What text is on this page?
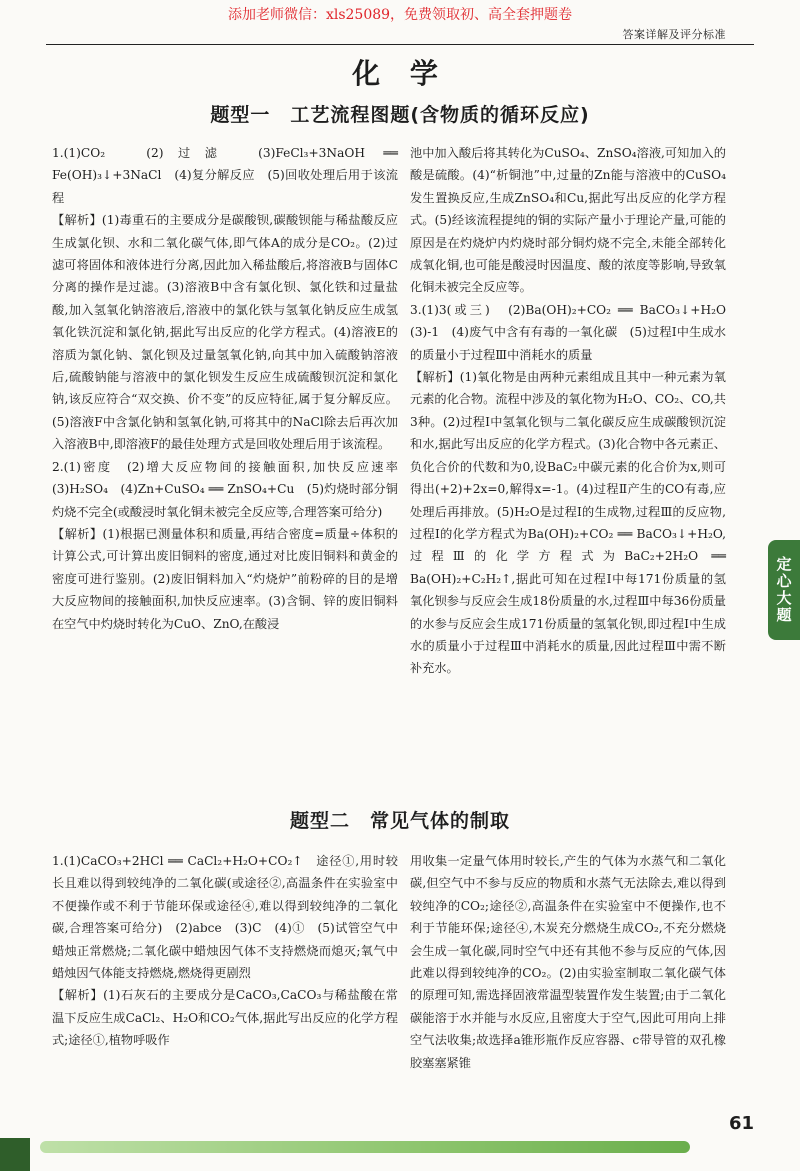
添加老师微信：xls25089，免费领取初、高全套押题卷
答案详解及评分标准
化 学
题型一　工艺流程图题(含物质的循环反应)

1.(1)CO₂　(2)过滤　(3)FeCl₃+3NaOH ══ Fe(OH)₃↓+3NaCl　(4)复分解反应　(5)回收处理后用于该流程

【解析】(1)毒重石的主要成分是碳酸钡,碳酸钡能与稀盐酸反应生成氯化钡、水和二氧化碳气体,即气体A的成分是CO₂。(2)过滤可将固体和液体进行分离,因此加入稀盐酸后,将溶液B与固体C分离的操作是过滤。(3)溶液B中含有氯化钡、氯化铁和过量盐酸,加入氢氧化钠溶液后,溶液中的氯化铁与氢氧化钠反应生成氢氧化铁沉淀和氯化钠,据此写出反应的化学方程式。(4)溶液E的溶质为氯化钠、氯化钡及过量氢氧化钠,向其中加入硫酸钠溶液后,硫酸钠能与溶液中的氯化钡发生反应生成硫酸钡沉淀和氯化钠,该反应符合“双交换、价不变”的反应特征,属于复分解反应。(5)溶液F中含氯化钠和氢氧化钠,可将其中的NaCl除去后再次加入溶液B中,即溶液F的最佳处理方式是回收处理后用于该流程。

2.(1)密度　(2)增大反应物间的接触面积,加快反应速率　(3)H₂SO₄　(4)Zn+CuSO₄ ══ ZnSO₄+Cu　(5)灼烧时部分铜灼烧不完全(或酸浸时氧化铜未被完全反应等,合理答案可给分)

【解析】(1)根据已测量体积和质量,再结合密度=质量÷体积的计算公式,可计算出废旧铜料的密度,通过对比废旧铜料和黄金的密度可进行鉴别。(2)废旧铜料加入“灼烧炉”前粉碎的目的是增大反应物间的接触面积,加快反应速率。(3)含铜、锌的废旧铜料在空气中灼烧时转化为CuO、ZnO,在酸浸

池中加入酸后将其转化为CuSO₄、ZnSO₄溶液,可知加入的酸是硫酸。(4)“析铜池”中,过量的Zn能与溶液中的CuSO₄发生置换反应,生成ZnSO₄和Cu,据此写出反应的化学方程式。(5)经该流程提纯的铜的实际产量小于理论产量,可能的原因是在灼烧炉内灼烧时部分铜灼烧不完全,未能全部转化成氧化铜,也可能是酸浸时因温度、酸的浓度等影响,导致氧化铜未被完全反应等。

3.(1)3(或三)　(2)Ba(OH)₂+CO₂ ══ BaCO₃↓+H₂O　(3)-1　(4)废气中含有有毒的一氧化碳　(5)过程Ⅰ中生成水的质量小于过程Ⅲ中消耗水的质量

【解析】(1)氧化物是由两种元素组成且其中一种元素为氧元素的化合物。流程中涉及的氧化物为H₂O、CO₂、CO,共3种。(2)过程Ⅰ中氢氧化钡与二氧化碳反应生成碳酸钡沉淀和水,据此写出反应的化学方程式。(3)化合物中各元素正、负化合价的代数和为0,设BaC₂中碳元素的化合价为x,则可得出(+2)+2x=0,解得x=-1。(4)过程Ⅱ产生的CO有毒,应处理后再排放。(5)H₂O是过程Ⅰ的生成物,过程Ⅲ的反应物,过程Ⅰ的化学方程式为Ba(OH)₂+CO₂ ══ BaCO₃↓+H₂O,过程Ⅲ的化学方程式为BaC₂+2H₂O ══ Ba(OH)₂+C₂H₂↑,据此可知在过程Ⅰ中每171份质量的氢氧化钡参与反应会生成18份质量的水,过程Ⅲ中每36份质量的水参与反应会生成171份质量的氢氧化钡,即过程Ⅰ中生成水的质量小于过程Ⅲ中消耗水的质量,因此过程Ⅲ中需不断补充水。

题型二　常见气体的制取

1.(1)CaCO₃+2HCl ══ CaCl₂+H₂O+CO₂↑　途径①,用时较长且难以得到较纯净的二氧化碳(或途径②,高温条件在实验室中不便操作或不利于节能环保或途径④,难以得到较纯净的二氧化碳,合理答案可给分)　(2)abce　(3)C　(4)①　(5)试管空气中蜡烛正常燃烧;二氧化碳中蜡烛因气体不支持燃烧而熄灭;氧气中蜡烛因气体能支持燃烧,燃烧得更剧烈

【解析】(1)石灰石的主要成分是CaCO₃,CaCO₃与稀盐酸在常温下反应生成CaCl₂、H₂O和CO₂气体,据此写出反应的化学方程式;途径①,植物呼吸作

用收集一定量气体用时较长,产生的气体为水蒸气和二氧化碳,但空气中不参与反应的物质和水蒸气无法除去,难以得到较纯净的CO₂;途径②,高温条件在实验室中不便操作,也不利于节能环保;途径④,木炭充分燃烧生成CO₂,不充分燃烧会生成一氧化碳,同时空气中还有其他不参与反应的气体,因此难以得到较纯净的CO₂。(2)由实验室制取二氧化碳气体的原理可知,需选择固液常温型装置作发生装置;由于二氧化碳能溶于水并能与水反应,且密度大于空气,因此可用向上排空气法收集;故选择a锥形瓶作反应容器、c带导管的双孔橡胶塞塞紧锥

定心大题
61
